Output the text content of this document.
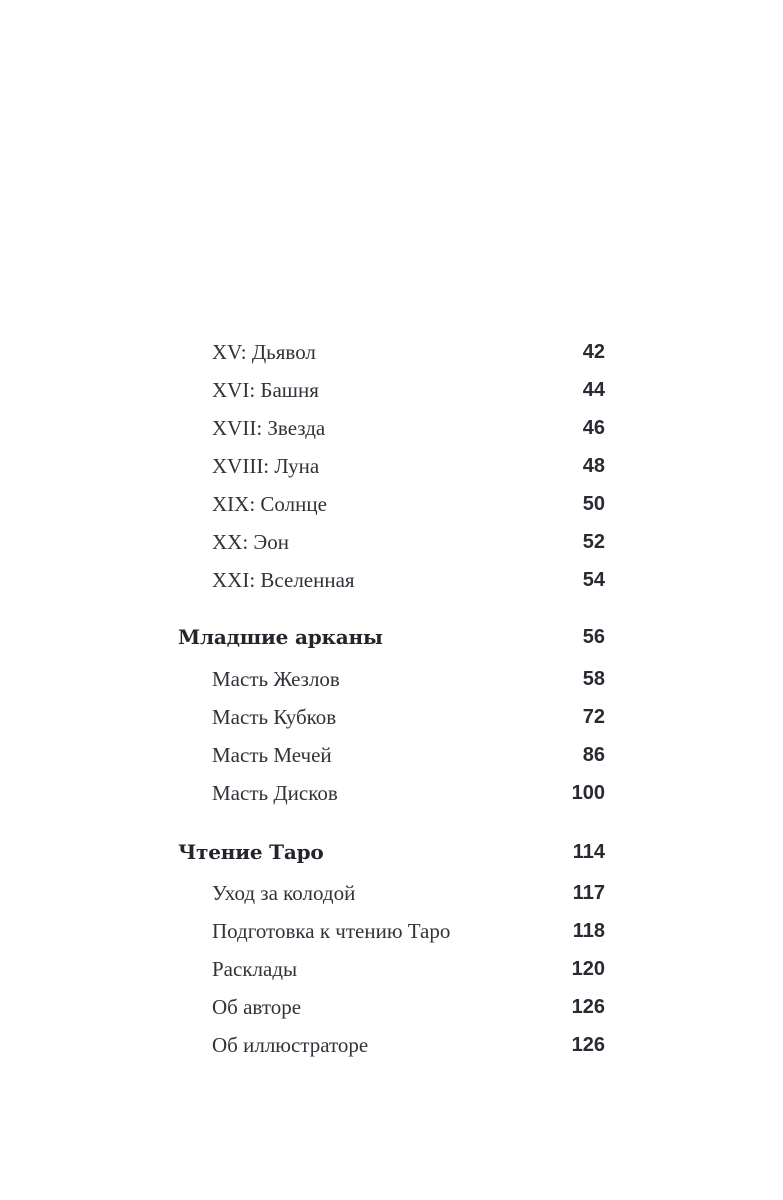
XV: Дьявол	42
XVI: Башня	44
XVII: Звезда	46
XVIII: Луна	48
XIX: Солнце	50
XX: Эон	52
XXI: Вселенная	54
Младшие арканы	56
Масть Жезлов	58
Масть Кубков	72
Масть Мечей	86
Масть Дисков	100
Чтение Таро	114
Уход за колодой	117
Подготовка к чтению Таро	118
Расклады	120
Об авторе	126
Об иллюстраторе	126
